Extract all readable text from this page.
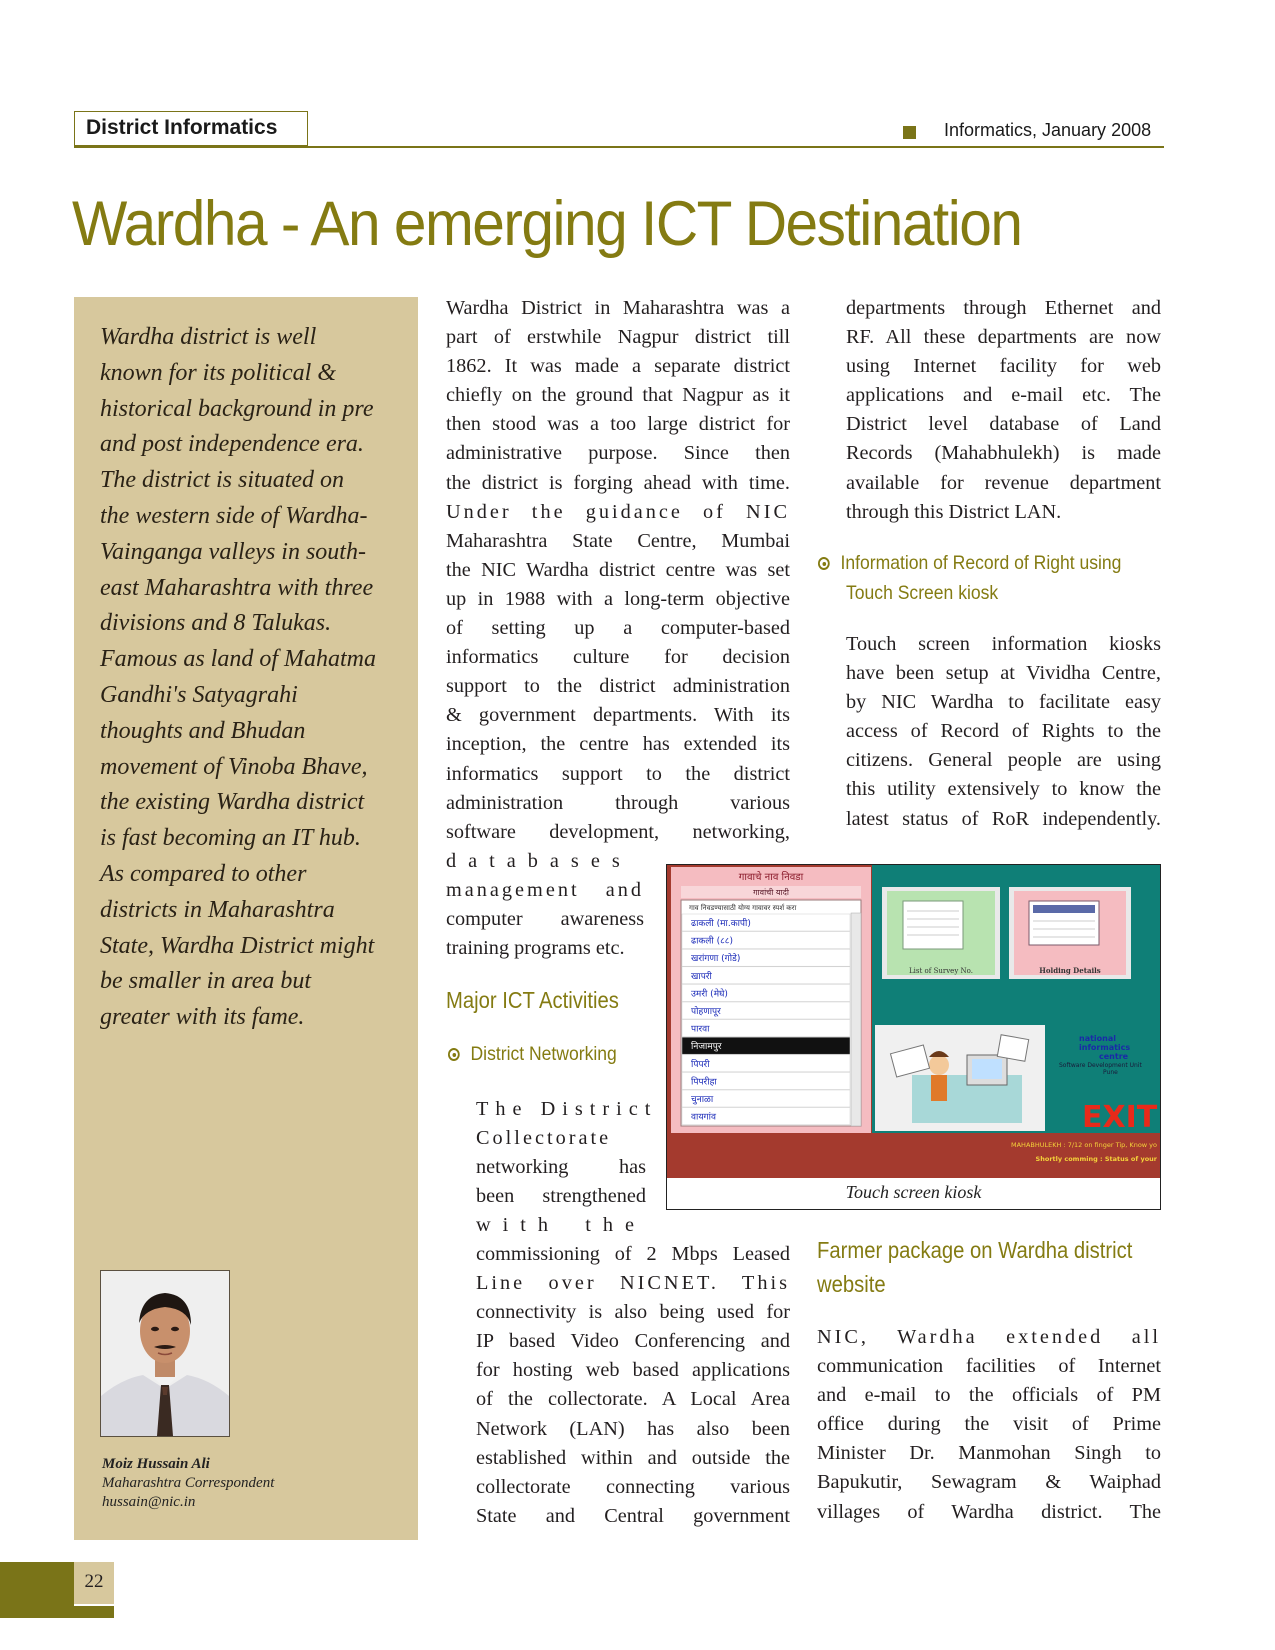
District Informatics	Informatics, January 2008
Wardha - An emerging ICT Destination
Wardha district is well
known for its political &
historical background in pre
and post independence era.
The district is situated on
the western side of Wardha-
Vainganga valleys in south-
east Maharashtra with three
divisions and 8 Talukas.
Famous as land of Mahatma
Gandhi's Satyagrahi
thoughts and Bhudan
movement of Vinoba Bhave,
the existing Wardha district
is fast becoming an IT hub.
As compared to other
districts in Maharashtra
State, Wardha District might
be smaller in area but
greater with its fame.
Moiz Hussain Ali
Maharashtra Correspondent
hussain@nic.in
Wardha District in Maharashtra was a
part of erstwhile Nagpur district till
1862. It was made a separate district
chiefly on the ground that Nagpur as it
then stood was a too large district for
administrative purpose. Since then
the district is forging ahead with time.
Under the guidance of NIC
Maharashtra State Centre, Mumbai
the NIC Wardha district centre was set
up in 1988 with a long-term objective
of setting up a computer-based
informatics culture for decision
support to the district administration
& government departments. With its
inception, the centre has extended its
informatics support to the district
administration through various
software development, networking,
databases
management and
computer awareness
training programs etc.
Major ICT Activities
District Networking
The District
Collectorate
networking has
been strengthened
with the
commissioning of 2 Mbps Leased
Line over NICNET. This
connectivity is also being used for
IP based Video Conferencing and
for hosting web based applications
of the collectorate. A Local Area
Network (LAN) has also been
established within and outside the
collectorate connecting various
State and Central government
departments through Ethernet and
RF. All these departments are now
using Internet facility for web
applications and e-mail etc. The
District level database of Land
Records (Mahabhulekh) is made
available for revenue department
through this District LAN.
Information of Record of Right using
Touch Screen kiosk
Touch screen information kiosks
have been setup at Vividha Centre,
by NIC Wardha to facilitate easy
access of Record of Rights to the
citizens. General people are using
this utility extensively to know the
latest status of RoR independently.
गावाचे नाव निवडा
गावांची यादी
गाव निवडण्यासाठी योग्य गावावर स्पर्श करा
ढाकली (मा.कापी)
ढाकली (८८)
खरांगणा (गोडे)
खापरी
उमरी (मेघे)
पोहणापूर
पारवा
निजामपुर
पिपरी
पिपरीहा
चुनाळा
वायगांव
List of Survey No.	Holding Details
national
informatics
centre
Software Development Unit
Pune
EXIT
MAHABHULEKH : 7/12 on finger Tip, Know yo
Shortly comming : Status of your
Touch screen kiosk
Farmer package on Wardha district
website
NIC, Wardha extended all
communication facilities of Internet
and e-mail to the officials of PM
office during the visit of Prime
Minister Dr. Manmohan Singh to
Bapukutir, Sewagram & Waiphad
villages of Wardha district. The
22
